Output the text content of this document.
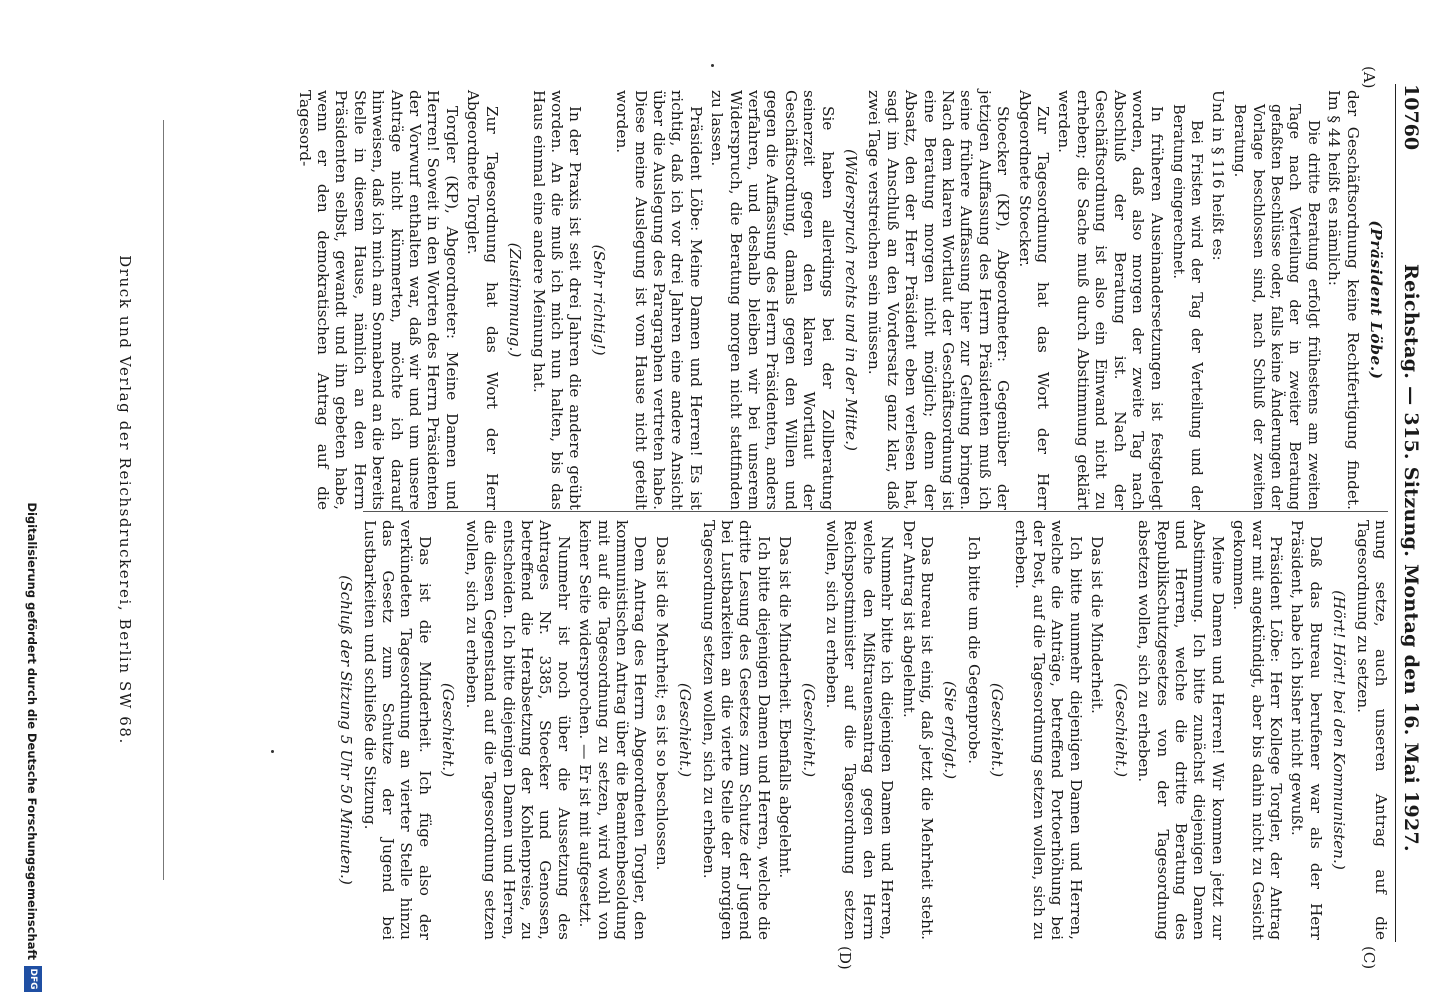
10760
Reichstag. — 315. Sitzung. Montag den 16. Mai 1927.
(A)
(C)
(D)

(Präsident Löbe.)

der Geschäftsordnung keine Rechtfertigung findet. Im § 44 heißt es nämlich:

Die dritte Beratung erfolgt frühestens am zweiten Tage nach Verteilung der in zweiter Beratung gefaßten Beschlüsse oder, falls keine Änderungen der Vorlage beschlossen sind, nach Schluß der zweiten Beratung.

Und in § 116 heißt es:

Bei Fristen wird der Tag der Verteilung und der Beratung eingerechnet.

In früheren Auseinandersetzungen ist festgelegt worden, daß also morgen der zweite Tag nach Abschluß der Beratung ist. Nach der Geschäftsordnung ist also ein Einwand nicht zu erheben; die Sache muß durch Abstimmung geklärt werden.

Zur Tagesordnung hat das Wort der Herr Abgeordnete Stoecker.

Stoecker (KP), Abgeordneter: Gegenüber der jetzigen Auffassung des Herrn Präsidenten muß ich seine frühere Auffassung hier zur Geltung bringen. Nach dem klaren Wortlaut der Geschäftsordnung ist eine Beratung morgen nicht möglich; denn der Absatz, den der Herr Präsident eben verlesen hat, sagt im Anschluß an den Vordersatz ganz klar, daß zwei Tage verstreichen sein müssen.

(Widerspruch rechts und in der Mitte.)

Sie haben allerdings bei der Zollberatung seinerzeit gegen den klaren Wortlaut der Geschäftsordnung, damals gegen den Willen und gegen die Auffassung des Herrn Präsidenten, anders verfahren, und deshalb bleiben wir bei unserem Widerspruch, die Beratung morgen nicht stattfinden zu lassen.

Präsident Löbe: Meine Damen und Herren! Es ist richtig, daß ich vor drei Jahren eine andere Ansicht über die Auslegung des Paragraphen vertreten habe. Diese meine Auslegung ist vom Hause nicht geteilt worden.

(Sehr richtig!)

In der Praxis ist seit drei Jahren die andere geübt worden. An die muß ich mich nun halten, bis das Haus einmal eine andere Meinung hat.

(Zustimmung.)

Zur Tagesordnung hat das Wort der Herr Abgeordnete Torgler.

Torgler (KP), Abgeordneter: Meine Damen und Herren! Soweit in den Worten des Herrn Präsidenten der Vorwurf enthalten war, daß wir und um unsere Anträge nicht kümmerten, möchte ich darauf hinweisen, daß ich mich am Sonnabend an die bereits Stelle in diesem Hause, nämlich an den Herrn Präsidenten selbst, gewandt und ihn gebeten habe, wenn er den demokratischen Antrag auf die Tagesord-

nung setze, auch unseren Antrag auf die Tagesordnung zu setzen.

(Hört! Hört! bei den Kommunisten.)

Daß das Bureau berufener war als der Herr Präsident, habe ich bisher nicht gewußt.

Präsident Löbe: Herr Kollege Torgler, der Antrag war mit angekündigt, aber bis dahin nicht zu Gesicht gekommen.

Meine Damen und Herren! Wir kommen jetzt zur Abstimmung. Ich bitte zunächst diejenigen Damen und Herren, welche die dritte Beratung des Republikschutzgesetzes von der Tagesordnung absetzen wollen, sich zu erheben.

(Geschieht.)

Das ist die Minderheit.

Ich bitte nunmehr diejenigen Damen und Herren, welche die Anträge, betreffend Portoerhöhung bei der Post, auf die Tagesordnung setzen wollen, sich zu erheben.

(Geschieht.)

Ich bitte um die Gegenprobe.

(Sie erfolgt.)

Das Bureau ist einig, daß jetzt die Mehrheit steht. Der Antrag ist abgelehnt.

Nunmehr bitte ich diejenigen Damen und Herren, welche den Mißtrauensantrag gegen den Herrn Reichspostminister auf die Tagesordnung setzen wollen, sich zu erheben.

(Geschieht.)

Das ist die Minderheit. Ebenfalls abgelehnt.

Ich bitte diejenigen Damen und Herren, welche die dritte Lesung des Gesetzes zum Schutze der Jugend bei Lustbarkeiten an die vierte Stelle der morgigen Tagesordnung setzen wollen, sich zu erheben.

(Geschieht.)

Das ist die Mehrheit; es ist so beschlossen.

Dem Antrag des Herrn Abgeordneten Torgler, den kommunistischen Antrag über die Beamtenbesoldung mit auf die Tagesordnung zu setzen, wird wohl von keiner Seite widersprochen. — Er ist mit aufgesetzt.

Nunmehr ist noch über die Aussetzung des Antrages Nr. 3385, Stoecker und Genossen, betreffend die Herabsetzung der Kohlenpreise, zu entscheiden. Ich bitte diejenigen Damen und Herren, die diesen Gegenstand auf die Tagesordnung setzen wollen, sich zu erheben.

(Geschieht.)

Das ist die Minderheit. Ich füge also der verkündeten Tagesordnung an vierter Stelle hinzu das Gesetz zum Schutze der Jugend bei Lustbarkeiten und schließe die Sitzung.

(Schluß der Sitzung 5 Uhr 50 Minuten.)

Druck und Verlag der Reichsdruckerei, Berlin SW 68.
Digitalisierung gefördert durch die Deutsche Forschungsgemeinschaft
DFG
